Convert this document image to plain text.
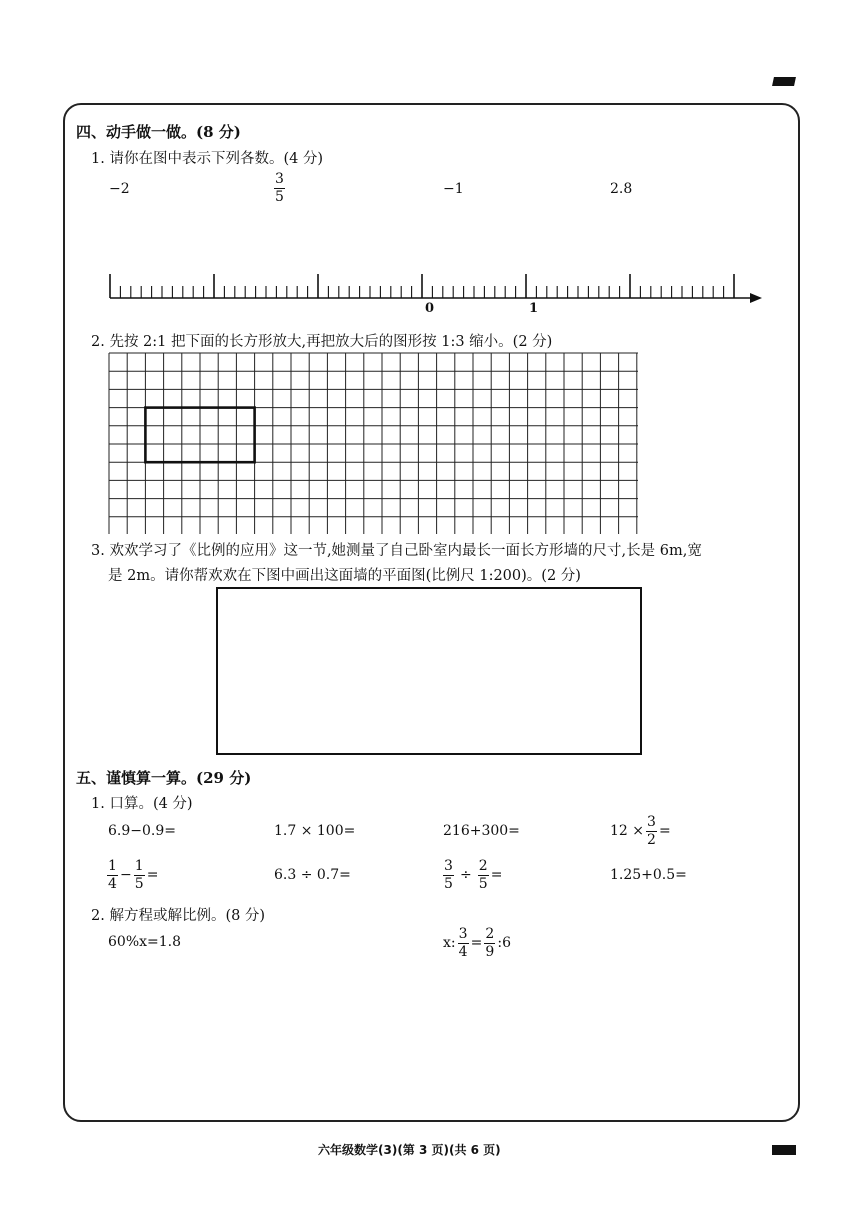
四、动手做一做。(8 分)
1. 请你在图中表示下列各数。(4 分)
−2	$\frac{3}{5}$	−1	2.8
0	1
2. 先按 2:1 把下面的长方形放大,再把放大后的图形按 1:3 缩小。(2 分)
3. 欢欢学习了《比例的应用》这一节,她测量了自己卧室内最长一面长方形墙的尺寸,长是 6m,宽
是 2m。请你帮欢欢在下图中画出这面墙的平面图(比例尺 1:200)。(2 分)
五、谨慎算一算。(29 分)
1. 口算。(4 分)
6.9−0.9=	1.7 × 100=	216+300=	$12 \times \frac{3}{2}$ =
$\frac{1}{4} - \frac{1}{5}$ =	6.3 ÷ 0.7=	$\frac{3}{5} \div \frac{2}{5}$ =	1.25+0.5=
2. 解方程或解比例。(8 分)
60%x=1.8	x: $\frac{3}{4} = \frac{2}{9}$ :6
六年级数学(3)(第 3 页)(共 6 页)
